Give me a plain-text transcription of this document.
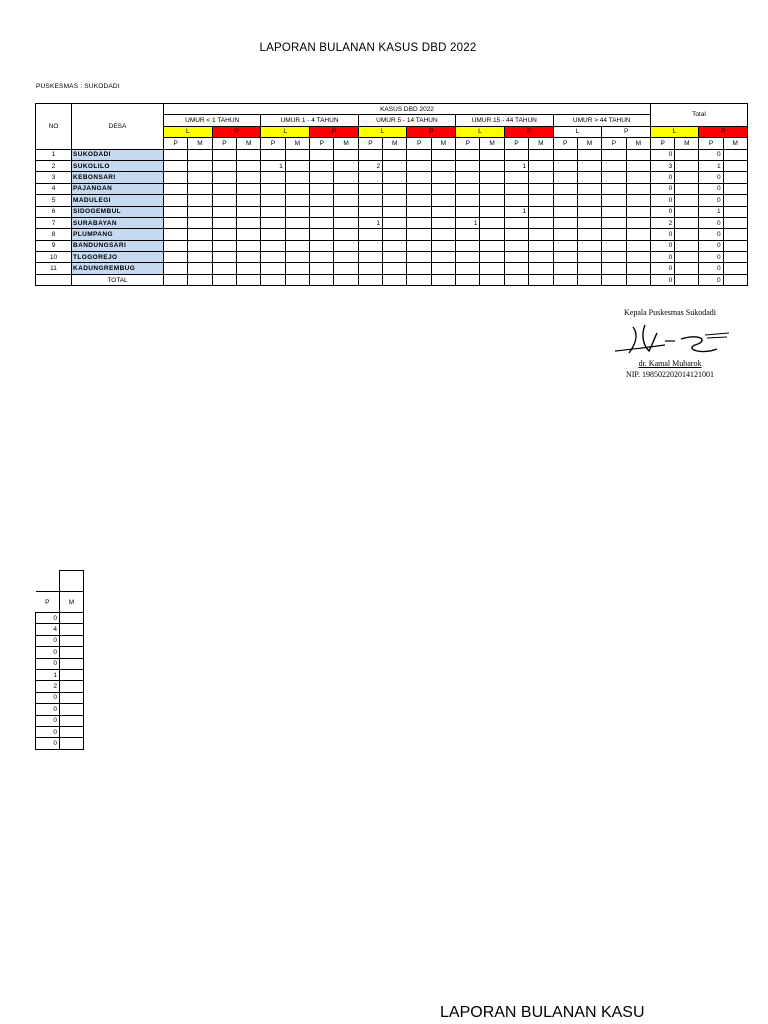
LAPORAN BULANAN KASUS DBD 2022
PUSKESMAS : SUKODADI
NO	DESA	KASUS DBD 2022																				Total			
		UMUR < 1 TAHUN				UMUR 1 - 4 TAHUN				UMUR 5 - 14 TAHUN				UMUR 15 - 44 TAHUN				UMUR > 44 TAHUN							
		L		P		L		P		L		P		L		P		L		P		L		P	
		P	M	P	M	P	M	P	M	P	M	P	M	P	M	P	M	P	M	P	M	P	M	P	M
1	SUKODADI																					0		0	
2	SUKOLILO					1				2						1						3		1	
3	KEBONSARI																					0		0	
4	PAJANGAN																					0		0	
5	MADULEGI																					0		0	
6	SIDOGEMBUL															1						0		1	
7	SURABAYAN									1				1								2		0	
8	PLUMPANG																					0		0	
9	BANDUNGSARI																					0		0	
10	TLOGOREJO																					0		0	
11	KADUNGREMBUG																					0		0	
	TOTAL																					0		0	
Kepala Puskesmas Sukodadi
dr. Kamal Mubarok
NIP. 198502202014121001

P	M
0	
4	
0	
0	
0	
1	
2	
0	
0	
0	
0	
0	
LAPORAN BULANAN KASU
